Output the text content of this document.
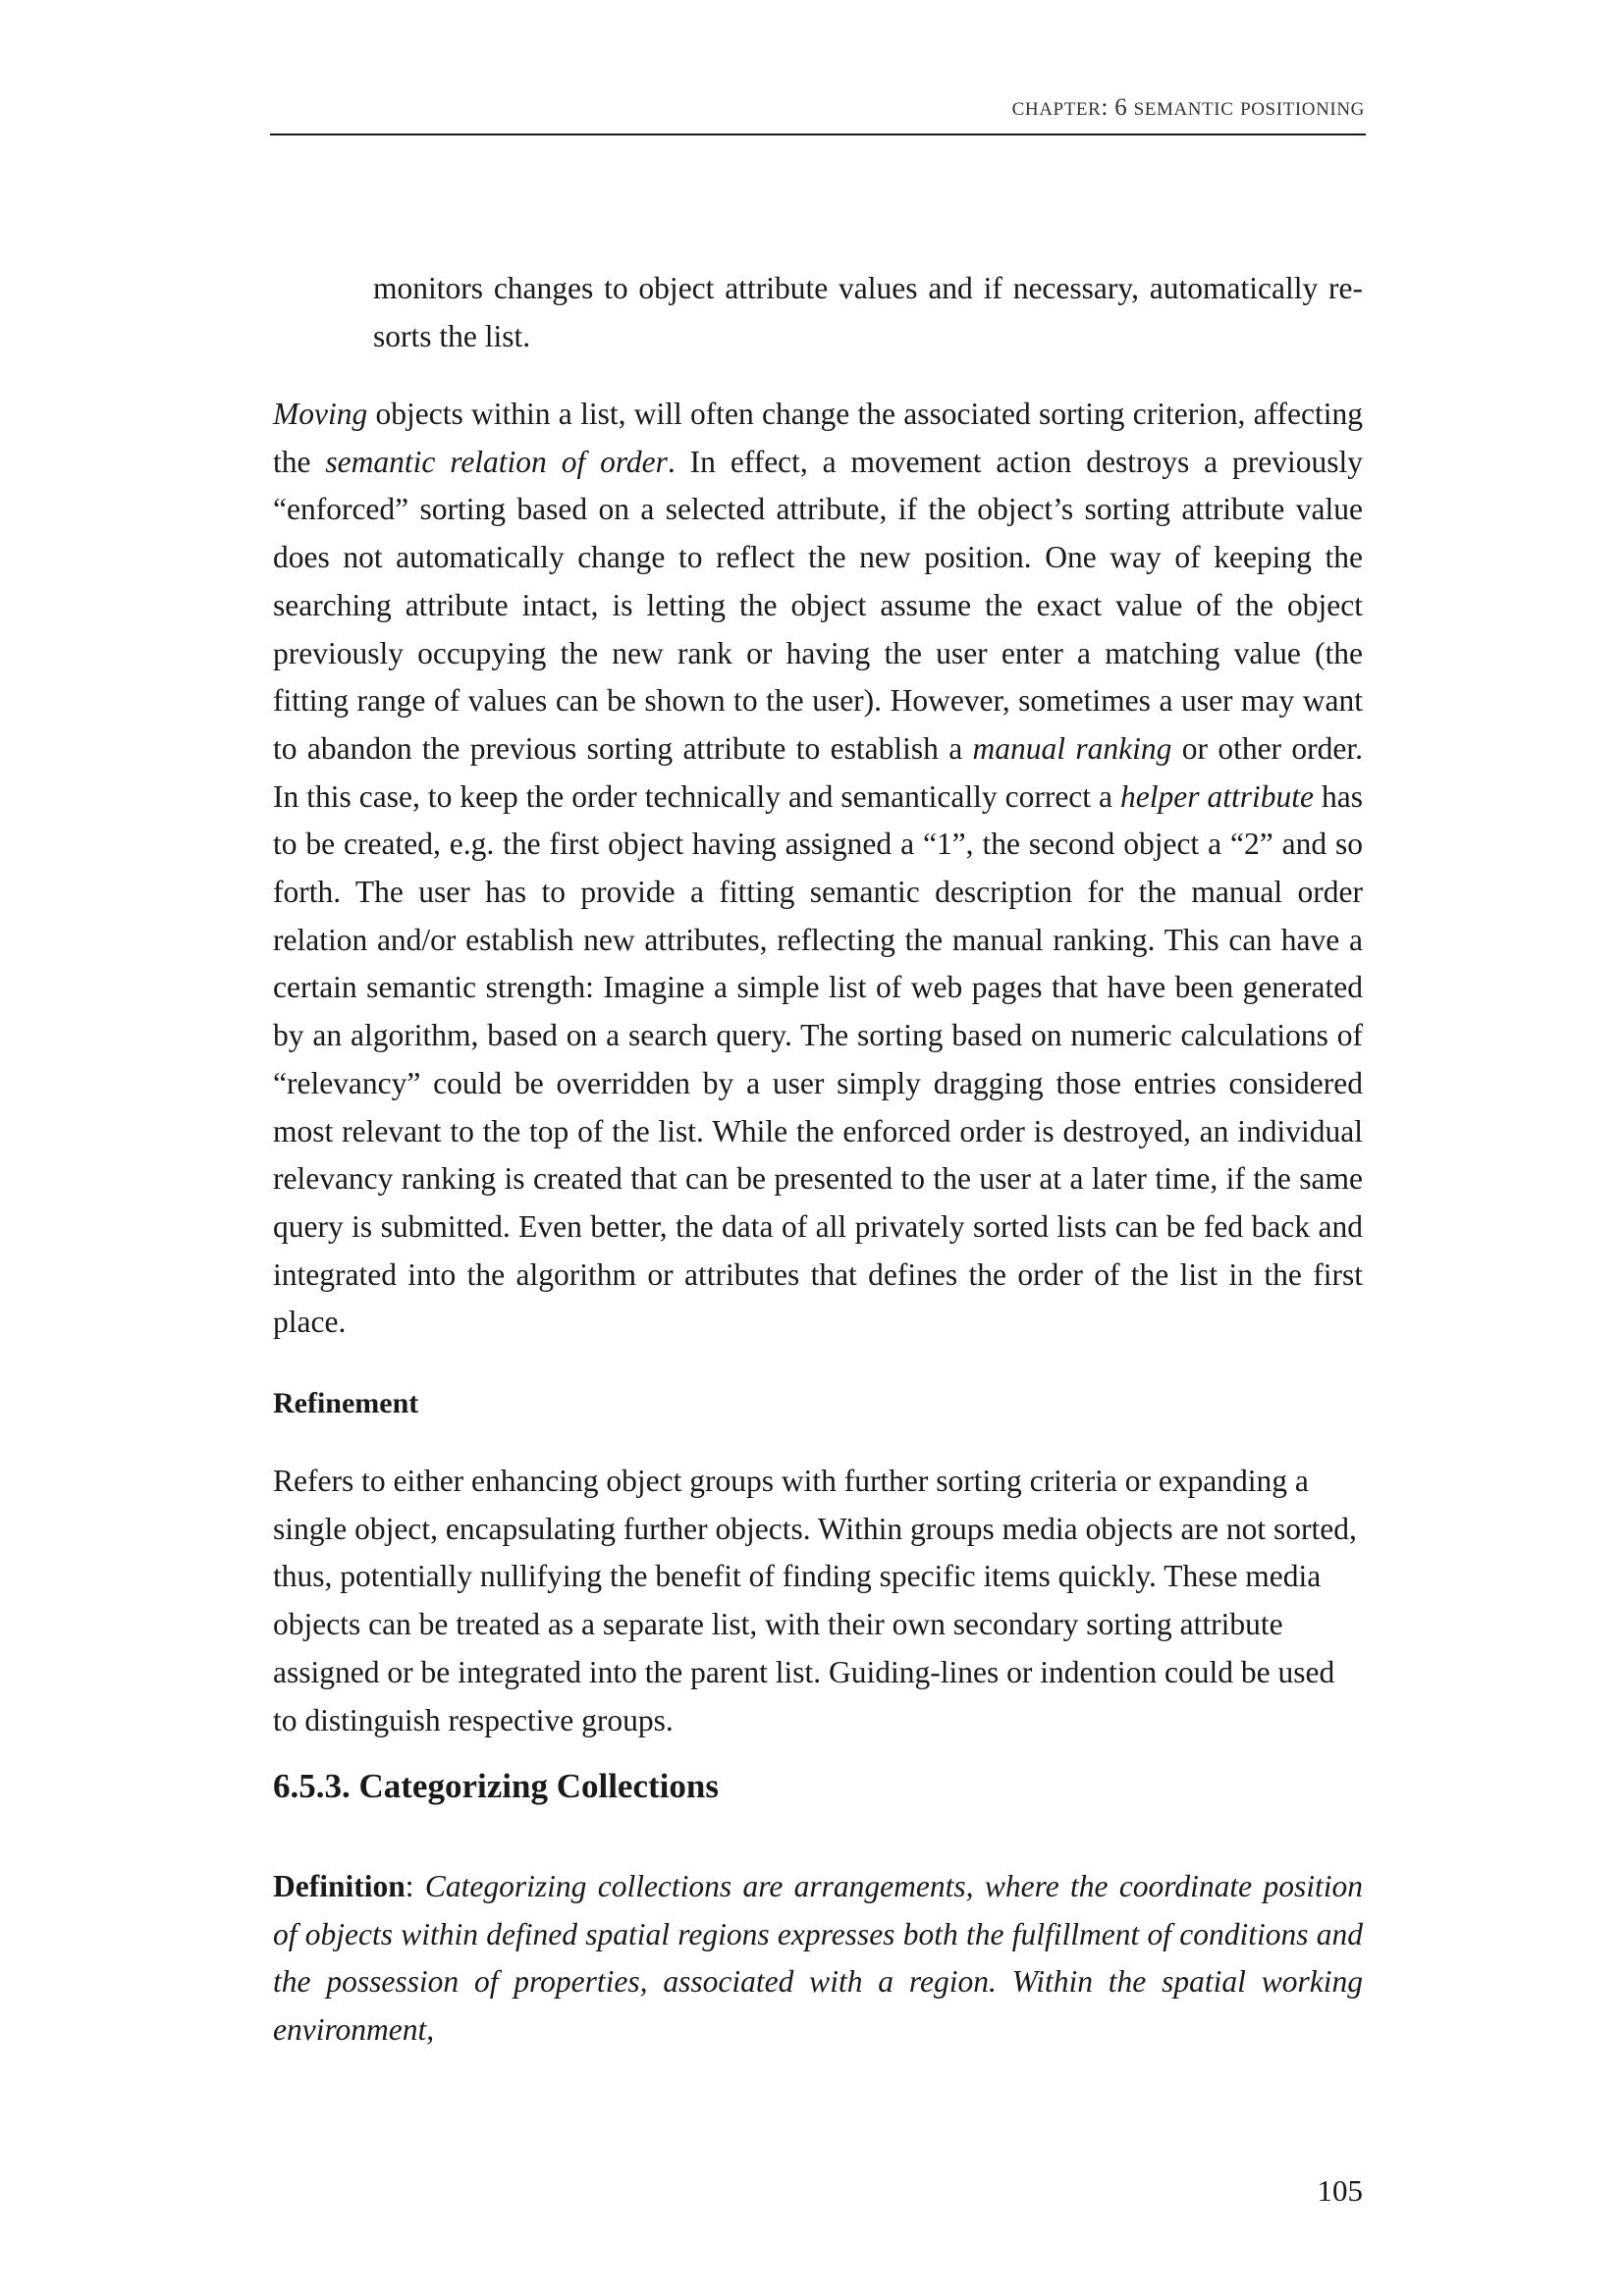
CHAPTER: 6 SEMANTIC POSITIONING

monitors changes to object attribute values and if necessary, automatically re-sorts the list.

Moving objects within a list, will often change the associated sorting criterion, affecting the semantic relation of order. In effect, a movement action destroys a previously “enforced” sorting based on a selected attribute, if the object’s sorting attribute value does not automatically change to reflect the new position. One way of keeping the searching attribute intact, is letting the object assume the exact value of the object previously occupying the new rank or having the user enter a matching value (the fitting range of values can be shown to the user). However, sometimes a user may want to abandon the previous sorting attribute to establish a manual ranking or other order. In this case, to keep the order technically and semantically correct a helper attribute has to be created, e.g. the first object having assigned a “1”, the second object a “2” and so forth. The user has to provide a fitting semantic description for the manual order relation and/or establish new attributes, reflecting the manual ranking. This can have a certain semantic strength: Imagine a simple list of web pages that have been generated by an algorithm, based on a search query. The sorting based on numeric calculations of “relevancy” could be overridden by a user simply dragging those entries considered most relevant to the top of the list. While the enforced order is destroyed, an individual relevancy ranking is created that can be presented to the user at a later time, if the same query is submitted. Even better, the data of all privately sorted lists can be fed back and integrated into the algorithm or attributes that defines the order of the list in the first place.

Refinement

Refers to either enhancing object groups with further sorting criteria or expanding a single object, encapsulating further objects. Within groups media objects are not sorted, thus, potentially nullifying the benefit of finding specific items quickly. These media objects can be treated as a separate list, with their own secondary sorting attribute assigned or be integrated into the parent list. Guiding-lines or indention could be used to distinguish respective groups.

6.5.3. Categorizing Collections

Definition: Categorizing collections are arrangements, where the coordinate position of objects within defined spatial regions expresses both the fulfillment of conditions and the possession of properties, associated with a region. Within the spatial working environment,

105
